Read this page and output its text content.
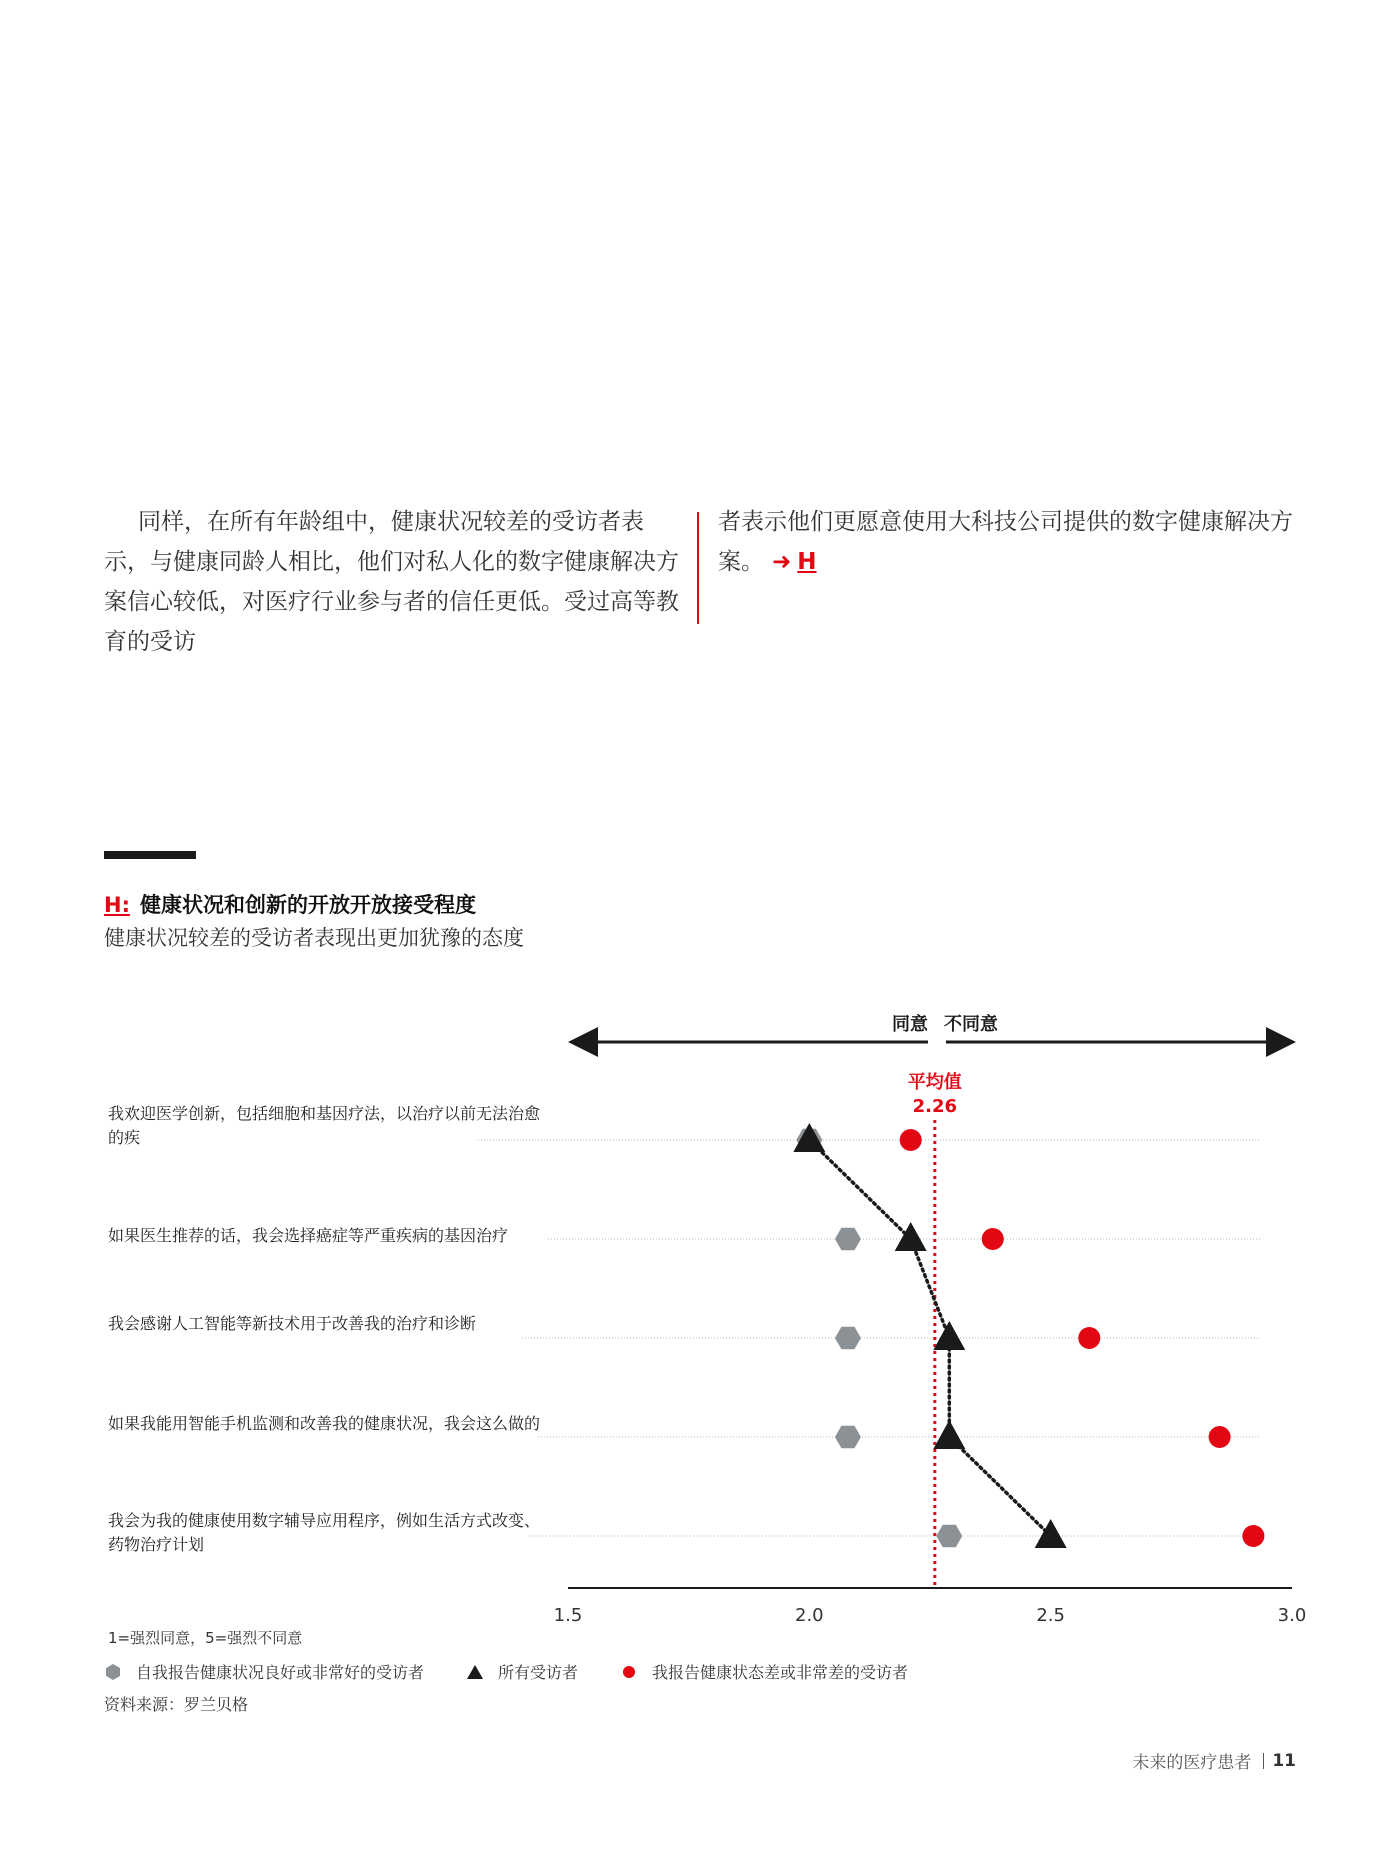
同样，在所有年龄组中，健康状况较差的受访者表示，与健康同龄人相比，他们对私人化的数字健康解决方案信心较低，对医疗行业参与者的信任更低。受过高等教育的受访
者表示他们更愿意使用大科技公司提供的数字健康解决方案。 ➜ H
H: 健康状况和创新的开放开放接受程度
健康状况较差的受访者表现出更加犹豫的态度
同意 不同意
平均值
2.26
1.5	2.0	2.5	3.0
我欢迎医学创新，包括细胞和基因疗法，以治疗以前无法治愈的疾
如果医生推荐的话，我会选择癌症等严重疾病的基因治疗
我会感谢人工智能等新技术用于改善我的治疗和诊断
如果我能用智能手机监测和改善我的健康状况，我会这么做的
我会为我的健康使用数字辅导应用程序，例如生活方式改变、药物治疗计划
1=强烈同意，5=强烈不同意
自我报告健康状况良好或非常好的受访者	所有受访者	我报告健康状态差或非常差的受访者
资料来源：罗兰贝格
未来的医疗患者 11
